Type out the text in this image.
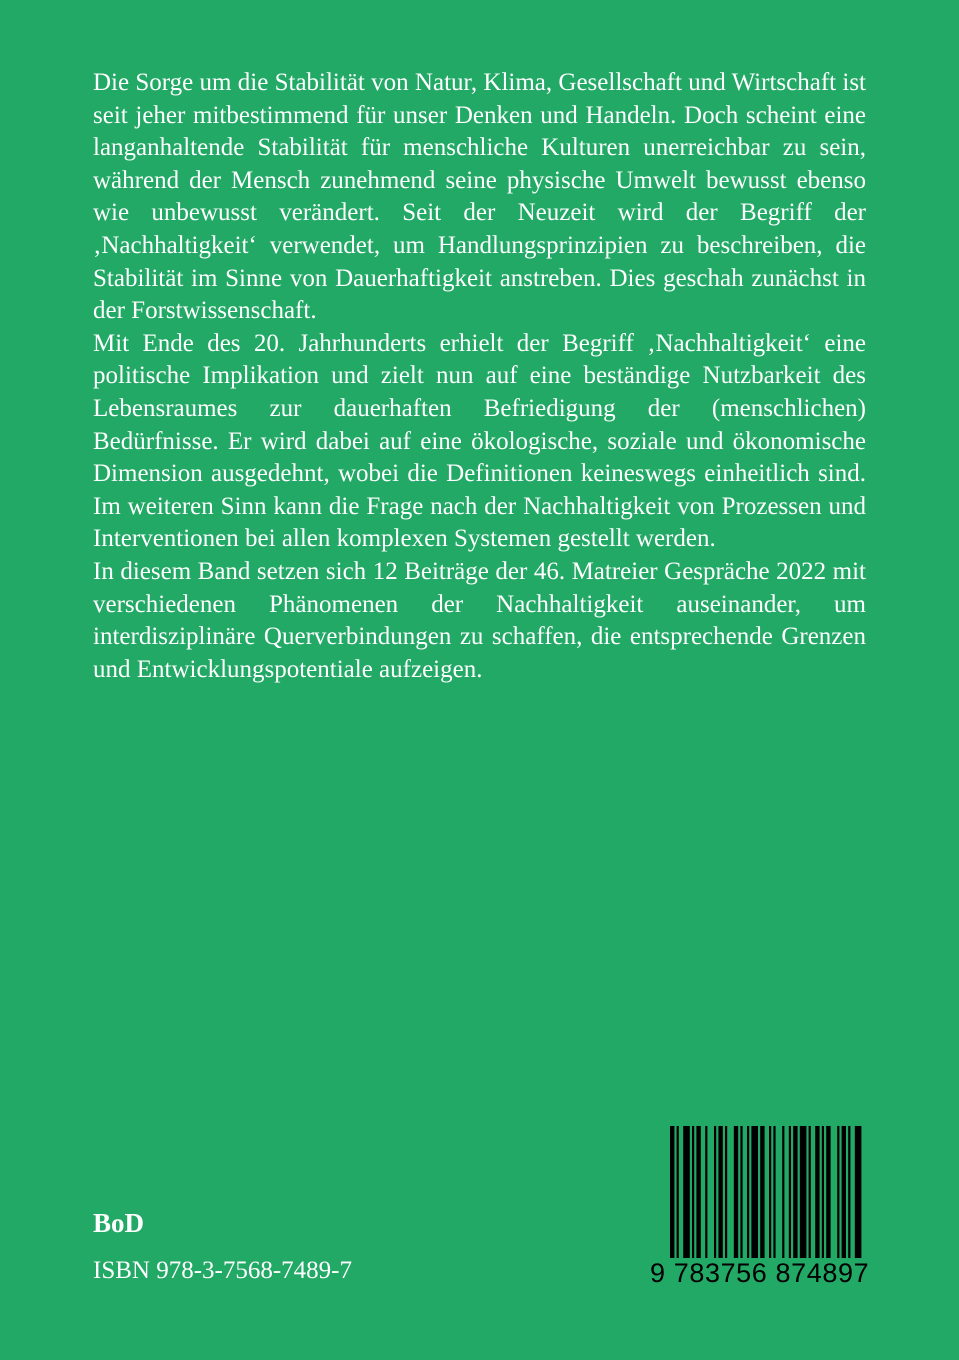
Die Sorge um die Stabilität von Natur, Klima, Gesellschaft und Wirtschaft ist seit jeher mitbestimmend für unser Denken und Handeln. Doch scheint eine langanhaltende Stabilität für menschliche Kulturen unerreichbar zu sein, während der Mensch zunehmend seine physische Umwelt bewusst ebenso wie unbewusst verändert. Seit der Neuzeit wird der Begriff der ‚Nachhaltigkeit‘ verwendet, um Handlungsprinzipien zu beschreiben, die Stabilität im Sinne von Dauerhaftigkeit anstreben. Dies geschah zunächst in der Forstwissenschaft.

Mit Ende des 20. Jahrhunderts erhielt der Begriff ‚Nachhaltigkeit‘ eine politische Implikation und zielt nun auf eine beständige Nutzbarkeit des Lebensraumes zur dauerhaften Befriedigung der (menschlichen) Bedürfnisse. Er wird dabei auf eine ökologische, soziale und ökonomische Dimension ausgedehnt, wobei die Definitionen keineswegs einheitlich sind. Im weiteren Sinn kann die Frage nach der Nachhaltigkeit von Prozessen und Interventionen bei allen komplexen Systemen gestellt werden.

In diesem Band setzen sich 12 Beiträge der 46. Matreier Gespräche 2022 mit verschiedenen Phänomenen der Nachhaltigkeit auseinander, um interdisziplinäre Querverbindungen zu schaffen, die entsprechende Grenzen und Entwicklungspotentiale aufzeigen.

9 783756 874897
BoD
ISBN 978-3-7568-7489-7
